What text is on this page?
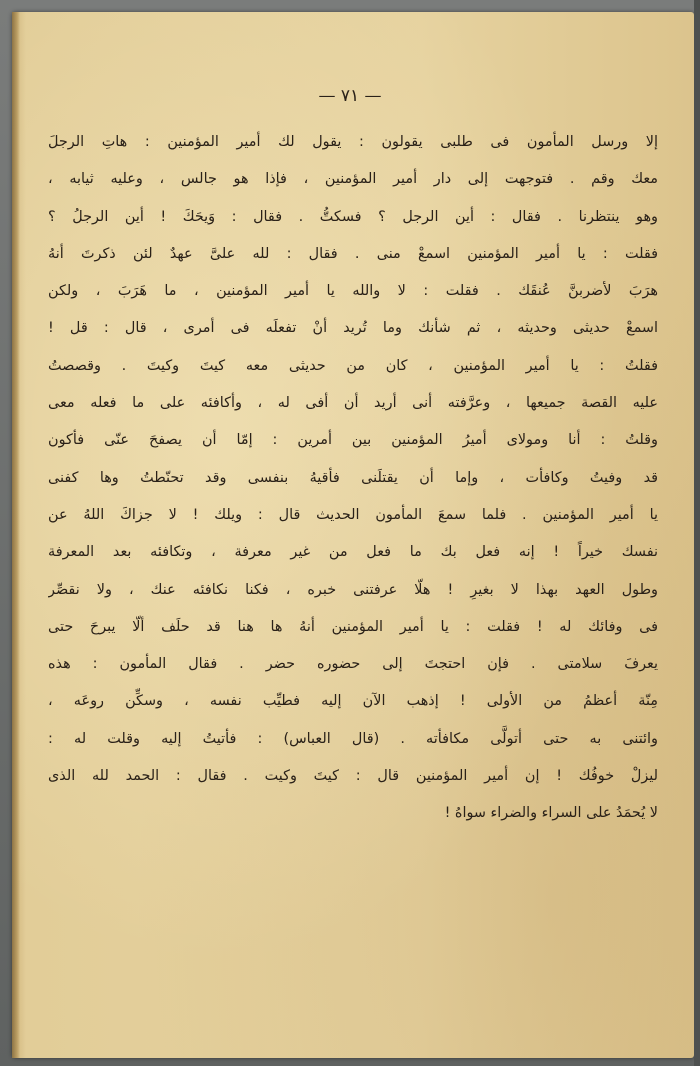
— ٧١ —
إلا ورسل المأمون فى طلبى يقولون : يقول لك أمير المؤمنين : هاتِ الرجلَ
معك وقم . فتوجهت إلى دار أمير المؤمنين ، فإذا هو جالس ، وعليه ثيابه ،
وهو ينتظرنا . فقال : أين الرجل ؟ فسكتُّ . فقال : وَيحَكَ ! أين الرجلُ ؟
فقلت : يا أمير المؤمنين اسمعْ منى . فقال : لله علىَّ عهدٌ لئن ذكرتَ أنهُ
هرَبَ لأضربنَّ عُنقَك . فقلت : لا والله يا أمير المؤمنين ، ما هَرَبَ ، ولكن
اسمعْ حديثى وحديثه ، ثم شأنك وما تُريد أنْ تفعلَه فى أمرى ، قال : قل !
فقلتُ : يا أمير المؤمنين ، كان من حديثى معه كيتَ وكيتَ . وقصصتُ
عليه القصة جميعها ، وعرَّفته أنى أريد أن أفى له ، وأكافئه على ما فعله معى
وقلتُ : أنا ومولاى أميرُ المؤمنين بين أمرين : إمّا أن يصفحَ عنّى فأكون
قد وفيتُ وكافأت ، وإما أن يقتلَنى فأقيهُ بنفسى وقد تحنّطتُ وها كفنى
يا أمير المؤمنين . فلما سمعَ المأمون الحديث قال : ويلك ! لا جزاكَ اللهُ عن
نفسك خيراً ! إنه فعل بك ما فعل من غير معرفة ، وتكافئه بعد المعرفة
وطول العهد بهذا لا بغيرِ ! هلّا عرفتنى خبره ، فكنا نكافئه عنك ، ولا نقصِّر
فى وفائك له ! فقلت : يا أمير المؤمنين أنهُ ها هنا قد حلَف ألّا يبرحَ حتى
يعرفَ سلامتى . فإن احتجتَ إلى حضوره حضر . فقال المأمون : هذه
مِنّة أعظمُ من الأولى ! إذهب الآن إليه فطيِّب نفسه ، وسكِّن روعَه ،
وائتنى به حتى أتولَّى مكافأته . (قال العباس) : فأتيتُ إليه وقلت له :
ليزلْ خوفُك ! إن أمير المؤمنين قال : كيتَ وكيت . فقال : الحمد لله الذى
لا يُحمَدُ على السراء والضراء سواهُ !
